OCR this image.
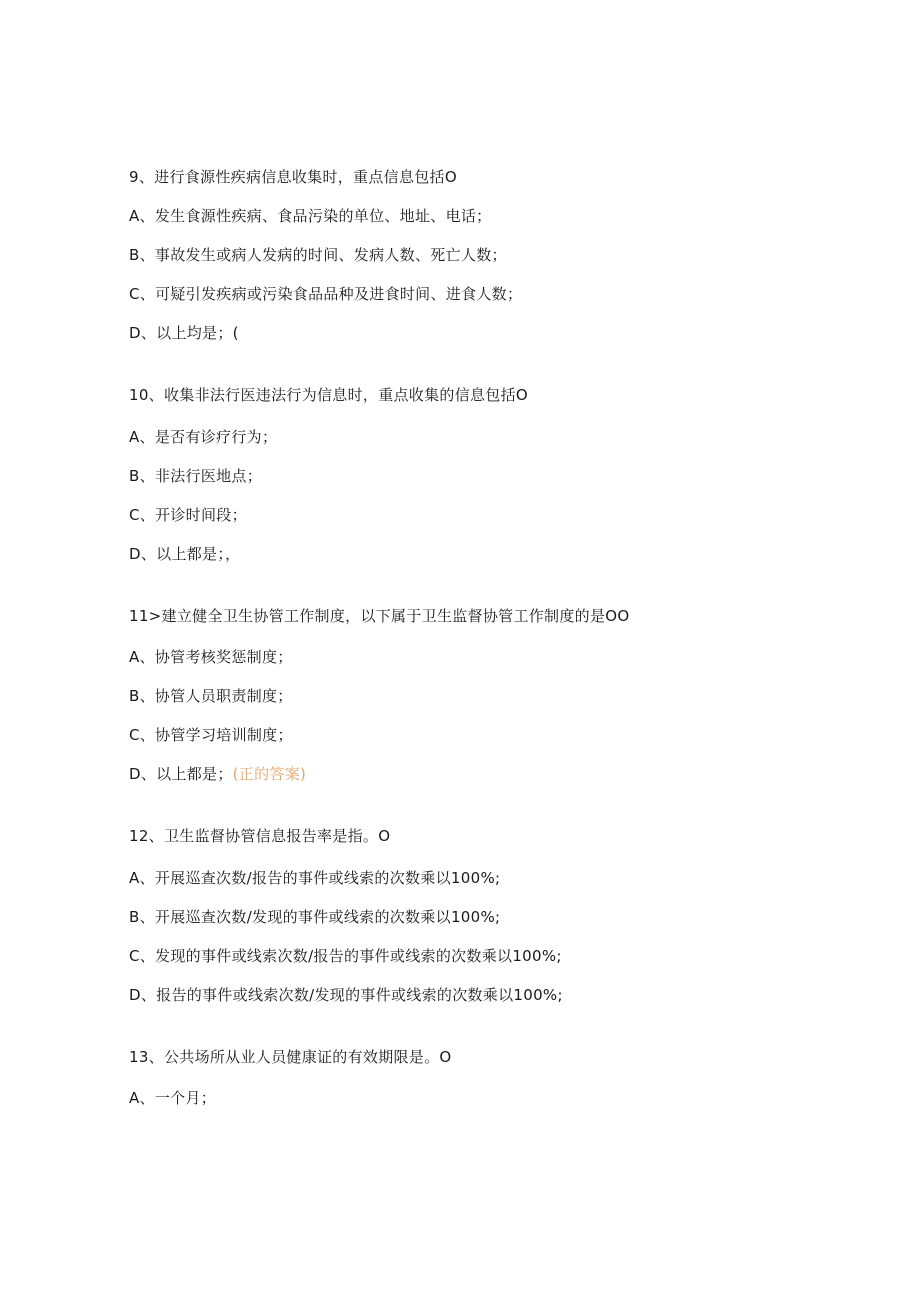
9、进行食源性疾病信息收集时，重点信息包括O
A、发生食源性疾病、食品污染的单位、地址、电话；
B、事故发生或病人发病的时间、发病人数、死亡人数；
C、可疑引发疾病或污染食品品种及进食时间、进食人数；
D、以上均是；(
10、收集非法行医违法行为信息时，重点收集的信息包括O
A、是否有诊疗行为；
B、非法行医地点；
C、开诊时间段；
D、以上都是；，
11>建立健全卫生协管工作制度，以下属于卫生监督协管工作制度的是OO
A、协管考核奖惩制度；
B、协管人员职责制度；
C、协管学习培训制度；
D、以上都是；(正的答案)
12、卫生监督协管信息报告率是指。O
A、开展巡查次数/报告的事件或线索的次数乘以100%;
B、开展巡查次数/发现的事件或线索的次数乘以100%;
C、发现的事件或线索次数/报告的事件或线索的次数乘以100%;
D、报告的事件或线索次数/发现的事件或线索的次数乘以100%;
13、公共场所从业人员健康证的有效期限是。O
A、一个月；
